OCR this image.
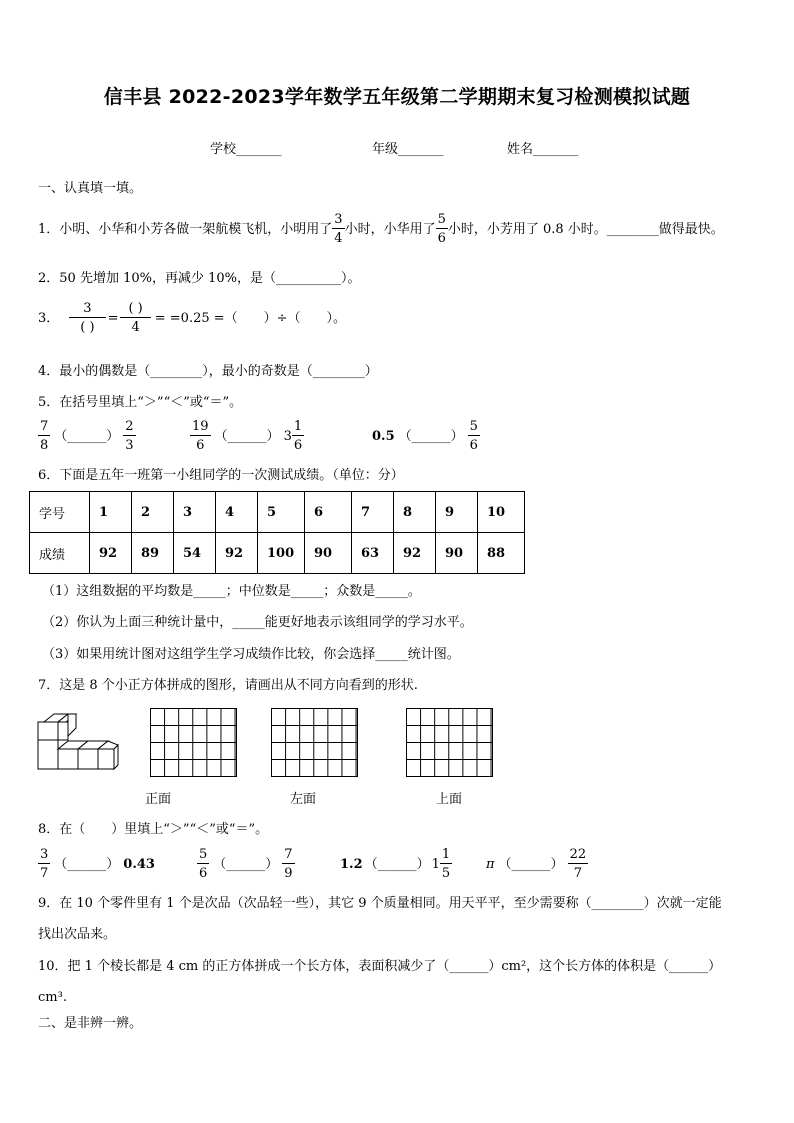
信丰县 2022-2023学年数学五年级第二学期期末复习检测模拟试题
学校_______	年级_______	姓名_______
一、认真填一填。
1．小明、小华和小芳各做一架航模飞机，小明用了 $\frac{3}{4}$ 小时，小华用了 $\frac{5}{6}$ 小时，小芳用了 0.8 小时。________做得最快。
2．50 先增加 10%，再减少 10%，是（__________）。
3． $\frac{3}{( )} = \frac{( )}{4} = =0.25$ =（　　）÷（　　）。
4．最小的偶数是（________），最小的奇数是（________）
5．在括号里填上“＞”“＜”或“＝”。
$\frac{7}{8}$ （______） $\frac{2}{3}$	$\frac{19}{6}$ （______） $3 \frac{1}{6}$	0.5 （______） $\frac{5}{6}$
6．下面是五年一班第一小组同学的一次测试成绩。（单位：分）
学号	1	2	3	4	5	6	7	8	9	10
成绩	92	89	54	92	100	90	63	92	90	88
（1）这组数据的平均数是_____；中位数是_____；众数是_____。
（2）你认为上面三种统计量中，_____能更好地表示该组同学的学习水平。
（3）如果用统计图对这组学生学习成绩作比较，你会选择_____统计图。
7．这是 8 个小正方体拼成的图形，请画出从不同方向看到的形状.
正面	左面	上面
8．在（　　）里填上“＞”“＜”或“＝”。
$\frac{3}{7}$ （______） 0.43	$\frac{5}{6}$ （______） $\frac{7}{9}$	1.2 （______） $1 \frac{1}{5}$	π （______） $\frac{22}{7}$
9．在 10 个零件里有 1 个是次品（次品轻一些），其它 9 个质量相同。用天平平，至少需要称（________）次就一定能
找出次品来。
10．把 1 个棱长都是 4 cm 的正方体拼成一个长方体，表面积减少了（______）cm²，这个长方体的体积是（______）
cm³.
二、是非辨一辨。
